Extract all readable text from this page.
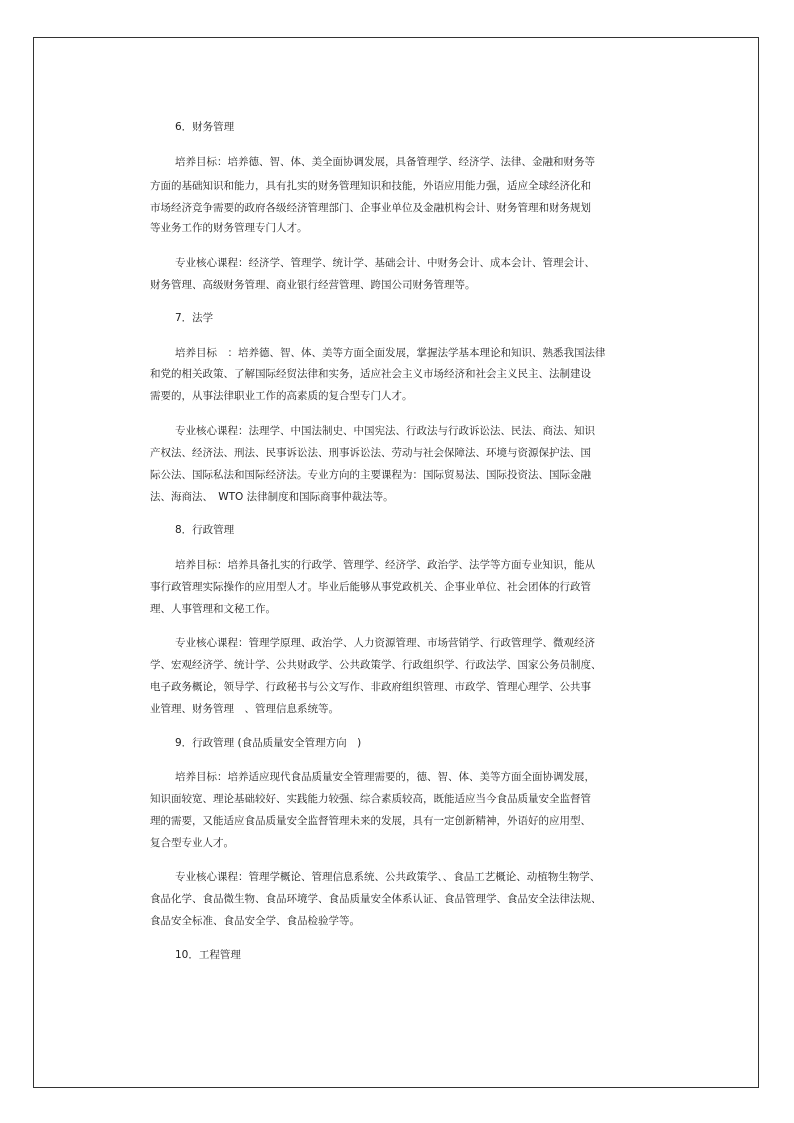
6．财务管理
培养目标：培养德、智、体、美全面协调发展，具备管理学、经济学、法律、金融和财务等
方面的基础知识和能力，具有扎实的财务管理知识和技能，外语应用能力强，适应全球经济化和
市场经济竞争需要的政府各级经济管理部门、企事业单位及金融机构会计、财务管理和财务规划
等业务工作的财务管理专门人才。
专业核心课程：经济学、管理学、统计学、基础会计、中财务会计、成本会计、管理会计、
财务管理、高级财务管理、商业银行经营管理、跨国公司财务管理等。
7．法学
培养目标　：培养德、智、体、美等方面全面发展，掌握法学基本理论和知识、熟悉我国法律
和党的相关政策、了解国际经贸法律和实务，适应社会主义市场经济和社会主义民主、法制建设
需要的，从事法律职业工作的高素质的复合型专门人才。
专业核心课程：法理学、中国法制史、中国宪法、行政法与行政诉讼法、民法、商法、知识
产权法、经济法、刑法、民事诉讼法、刑事诉讼法、劳动与社会保障法、环境与资源保护法、国
际公法、国际私法和国际经济法。专业方向的主要课程为：国际贸易法、国际投资法、国际金融
法、海商法、　WTO 法律制度和国际商事仲裁法等。
8．行政管理
培养目标：培养具备扎实的行政学、管理学、经济学、政治学、法学等方面专业知识，能从
事行政管理实际操作的应用型人才。毕业后能够从事党政机关、企事业单位、社会团体的行政管
理、人事管理和文秘工作。
专业核心课程：管理学原理、政治学、人力资源管理、市场营销学、行政管理学、微观经济
学、宏观经济学、统计学、公共财政学、公共政策学、行政组织学、行政法学、国家公务员制度、
电子政务概论，领导学、行政秘书与公文写作、非政府组织管理、市政学、管理心理学、公共事
业管理、财务管理　、管理信息系统等。
9．行政管理 (食品质量安全管理方向　)
培养目标：培养适应现代食品质量安全管理需要的，德、智、体、美等方面全面协调发展，
知识面较宽、理论基础较好、实践能力较强、综合素质较高，既能适应当今食品质量安全监督管
理的需要，又能适应食品质量安全监督管理未来的发展，具有一定创新精神，外语好的应用型、
复合型专业人才。
专业核心课程：管理学概论、管理信息系统、公共政策学、、食品工艺概论、动植物生物学、
食品化学、食品微生物、食品环境学、食品质量安全体系认证、食品管理学、食品安全法律法规、
食品安全标准、食品安全学、食品检验学等。
10．工程管理
